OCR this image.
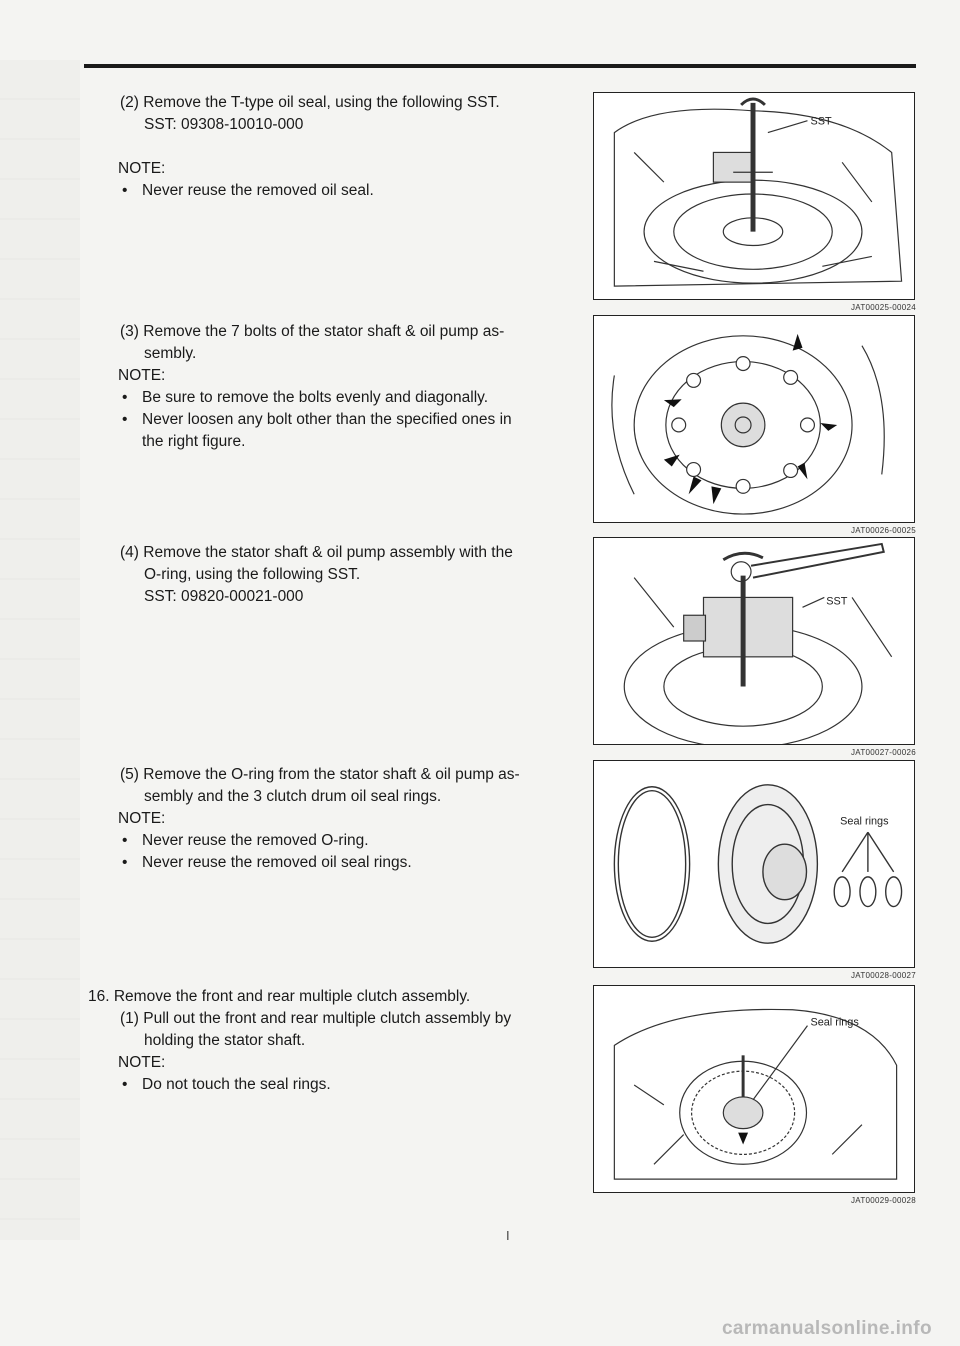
(2) Remove the T-type oil seal, using the following SST.

SST: 09308-10010-000

NOTE:

• Never reuse the removed oil seal.

SST
JAT00025-00024

(3) Remove the 7 bolts of the stator shaft & oil pump as-

sembly.

NOTE:

• Be sure to remove the bolts evenly and diagonally.

• Never loosen any bolt other than the specified ones in

the right figure.

JAT00026-00025

(4) Remove the stator shaft & oil pump assembly with the

O-ring, using the following SST.

SST: 09820-00021-000	SST
JAT00027-00026

(5) Remove the O-ring from the stator shaft & oil pump as-

sembly and the 3 clutch drum oil seal rings.

NOTE:

• Never reuse the removed O-ring.

• Never reuse the removed oil seal rings.

Seal rings
JAT00028-00027

16. Remove the front and rear multiple clutch assembly.

(1) Pull out the front and rear multiple clutch assembly by

holding the stator shaft.

NOTE:

• Do not touch the seal rings.

Seal rings
JAT00029-00028
I
carmanualsonline.info
